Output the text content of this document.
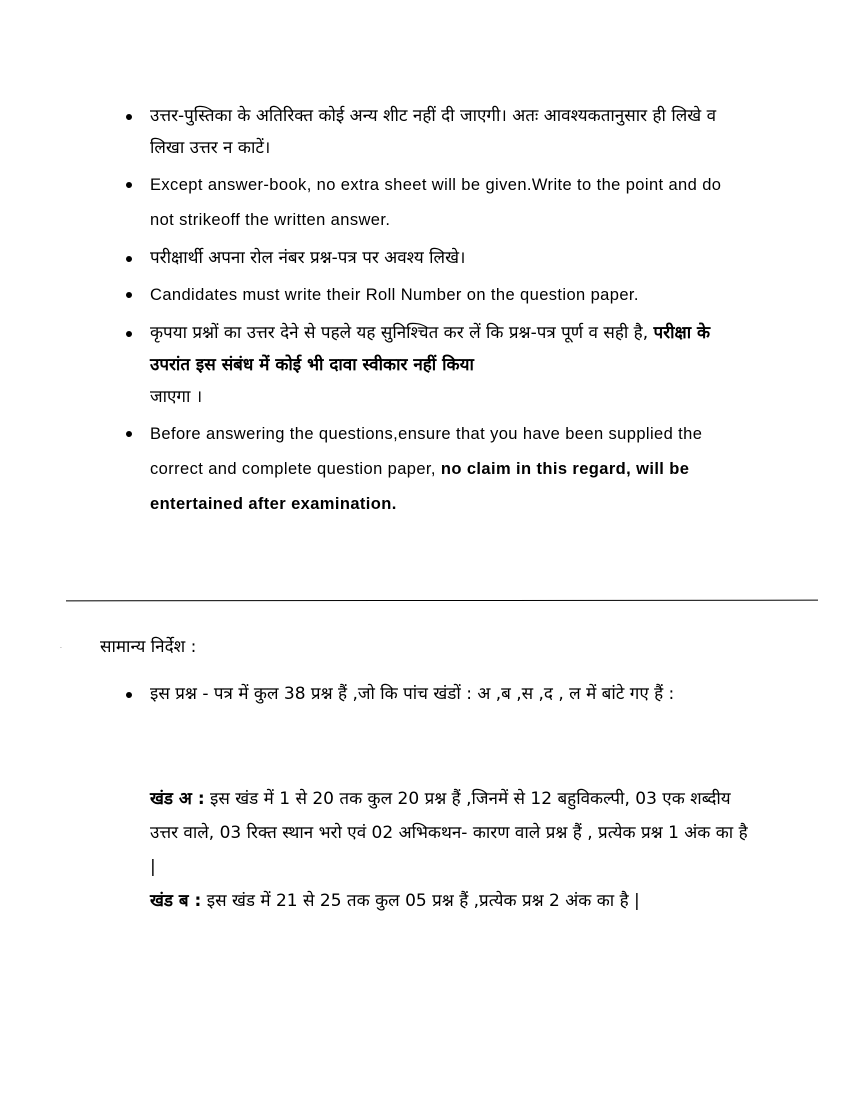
उत्तर-पुस्तिका के अतिरिक्त कोई अन्य शीट नहीं दी जाएगी। अतः आवश्यकतानुसार ही लिखे व लिखा उत्तर न काटें।
Except answer-book, no extra sheet will be given.Write to the point and do not strikeoff the written answer.
परीक्षार्थी अपना रोल नंबर प्रश्न-पत्र पर अवश्य लिखे।
Candidates must write their Roll Number on the question paper.
कृपया प्रश्नों का उत्तर देने से पहले यह सुनिश्चित कर लें कि प्रश्न-पत्र पूर्ण व सही है, परीक्षा के उपरांत इस संबंध में कोई भी दावा स्वीकार नहीं किया
जाएगा ।
Before answering the questions,ensure that you have been supplied the correct and complete question paper, no claim in this regard, will be entertained after examination.
· सामान्य निर्देश :
इस प्रश्न - पत्र में कुल 38 प्रश्न हैं ,जो कि पांच खंडों : अ ,ब ,स ,द , ल में बांटे गए हैं :

खंड अ : इस खंड में 1 से 20 तक कुल 20 प्रश्न हैं ,जिनमें से 12 बहुविकल्पी, 03 एक शब्दीय उत्तर वाले, 03 रिक्त स्थान भरो एवं 02 अभिकथन- कारण वाले प्रश्न हैं , प्रत्येक प्रश्न 1 अंक का है |

खंड ब : इस खंड में 21 से 25 तक कुल 05 प्रश्न हैं ,प्रत्येक प्रश्न 2 अंक का है |
